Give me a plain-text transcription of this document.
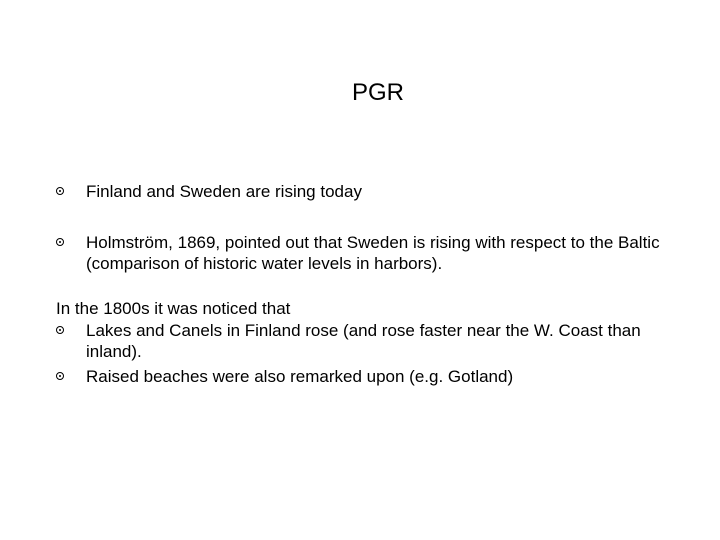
PGR
Finland and Sweden are rising today
Holmström, 1869, pointed out that Sweden is rising with respect to the Baltic (comparison of historic water levels in harbors).
In the 1800s it was noticed that
Lakes and Canels in Finland rose (and rose faster near the W. Coast than inland).
Raised beaches were also remarked upon (e.g. Gotland)
